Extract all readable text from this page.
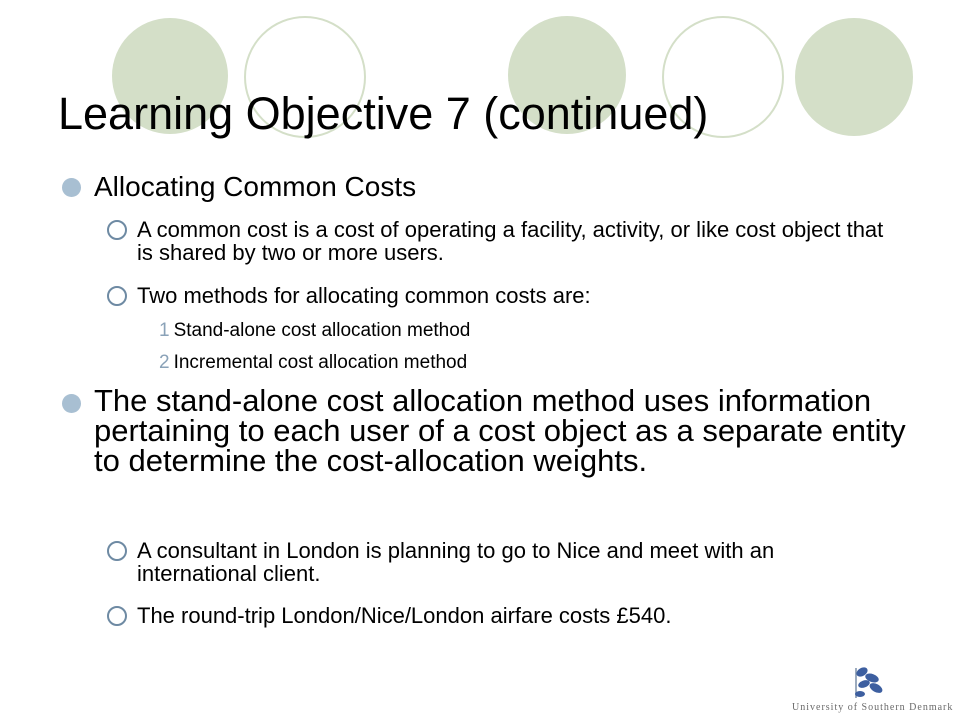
Learning Objective 7 (continued)

Allocating Common Costs

A common cost is a cost of operating a facility, activity, or like cost object that is shared by two or more users.

Two methods for allocating common costs are:

1 Stand-alone cost allocation method

2 Incremental cost allocation method

The stand-alone cost allocation method uses information pertaining to each user of a cost object as a separate entity to determine the cost-allocation weights.

A consultant in London is planning to go to Nice and meet with an international client.

The round-trip London/Nice/London airfare costs £540.

University of Southern Denmark
